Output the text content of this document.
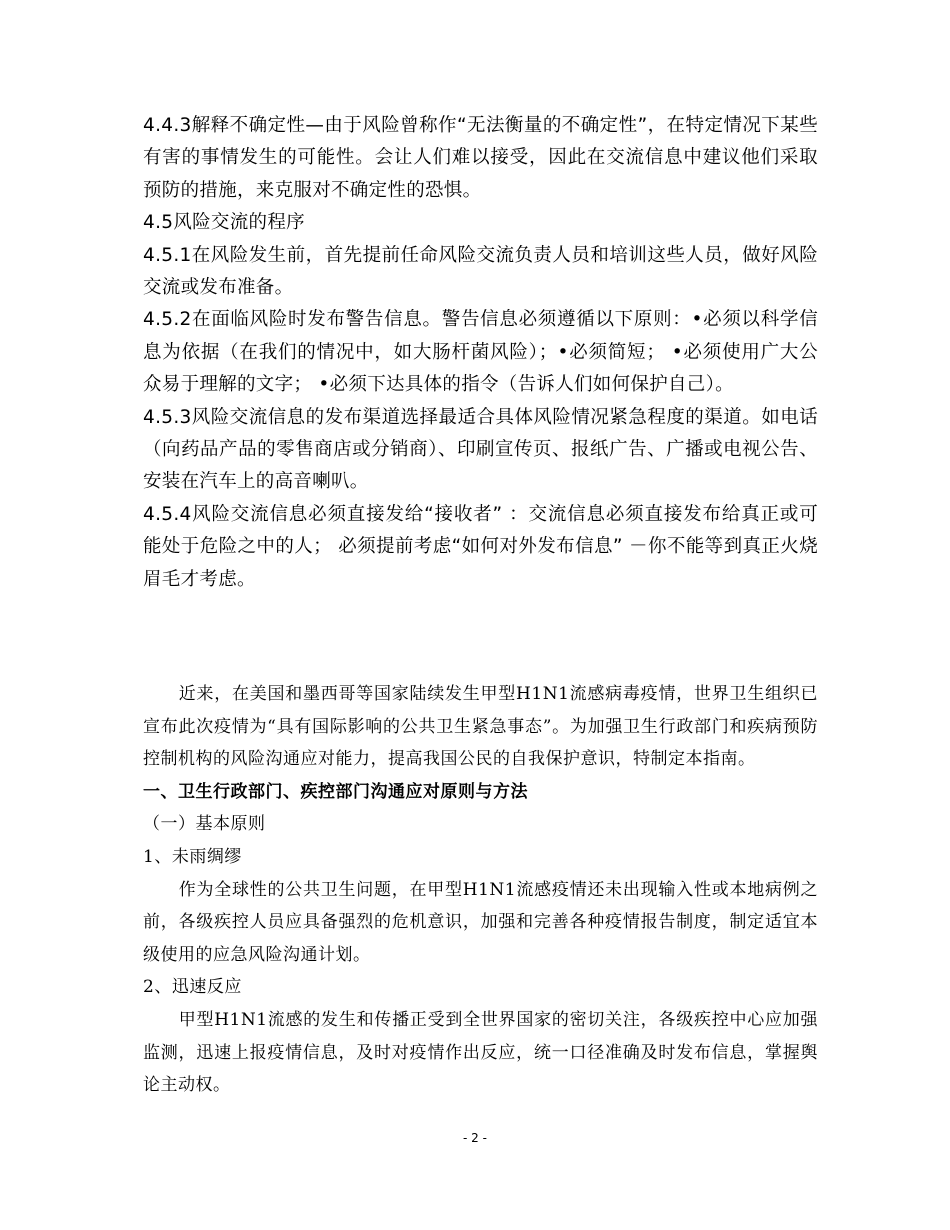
4.4.3解释不确定性—由于风险曾称作“无法衡量的不确定性”，在特定情况下某些有害的事情发生的可能性。会让人们难以接受，因此在交流信息中建议他们采取预防的措施，来克服对不确定性的恐惧。

4.5风险交流的程序

4.5.1在风险发生前，首先提前任命风险交流负责人员和培训这些人员，做好风险交流或发布准备。

4.5.2在面临风险时发布警告信息。警告信息必须遵循以下原则：•必须以科学信息为依据（在我们的情况中，如大肠杆菌风险）；•必须简短； •必须使用广大公众易于理解的文字； •必须下达具体的指令（告诉人们如何保护自己）。

4.5.3风险交流信息的发布渠道选择最适合具体风险情况紧急程度的渠道。如电话（向药品产品的零售商店或分销商）、印刷宣传页、报纸广告、广播或电视公告、安装在汽车上的高音喇叭。

4.5.4风险交流信息必须直接发给“接收者” ：交流信息必须直接发布给真正或可能处于危险之中的人； 必须提前考虑“如何对外发布信息” －你不能等到真正火烧眉毛才考虑。

近来，在美国和墨西哥等国家陆续发生甲型H1N1流感病毒疫情，世界卫生组织已宣布此次疫情为“具有国际影响的公共卫生紧急事态”。为加强卫生行政部门和疾病预防控制机构的风险沟通应对能力，提高我国公民的自我保护意识，特制定本指南。

一、卫生行政部门、疾控部门沟通应对原则与方法

（一）基本原则

1、未雨绸缪

作为全球性的公共卫生问题，在甲型H1N1流感疫情还未出现输入性或本地病例之前，各级疾控人员应具备强烈的危机意识，加强和完善各种疫情报告制度，制定适宜本级使用的应急风险沟通计划。

2、迅速反应

甲型H1N1流感的发生和传播正受到全世界国家的密切关注，各级疾控中心应加强监测，迅速上报疫情信息，及时对疫情作出反应，统一口径准确及时发布信息，掌握舆论主动权。

- 2 -
